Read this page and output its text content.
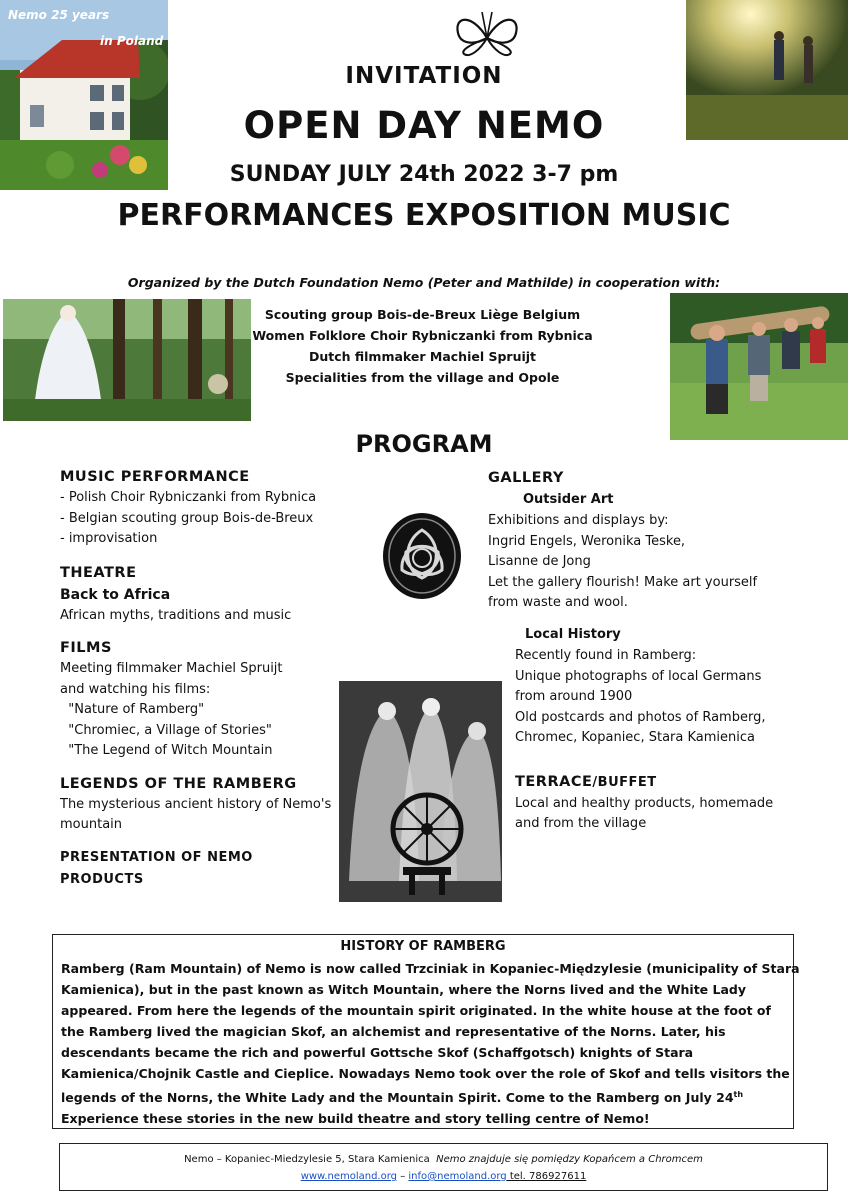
Nemo 25 years
in Poland
INVITATION
OPEN DAY NEMO
SUNDAY JULY 24th 2022 3-7 pm
PERFORMANCES EXPOSITION MUSIC
Organized by the Dutch Foundation Nemo (Peter and Mathilde) in cooperation with:
Scouting group Bois-de-Breux Liège Belgium
Women Folklore Choir Rybniczanki from Rybnica
Dutch filmmaker Machiel Spruijt
Specialities from the village and Opole
PROGRAM
MUSIC PERFORMANCE
- Polish Choir Rybniczanki from Rybnica
- Belgian scouting group Bois-de-Breux
- improvisation
THEATRE
Back to Africa
African myths, traditions and music
FILMS
Meeting filmmaker Machiel Spruijt
and watching his films:
"Nature of Ramberg"
"Chromiec, a Village of Stories"
"The Legend of Witch Mountain
LEGENDS OF THE RAMBERG
The mysterious ancient history of Nemo's
mountain
PRESENTATION OF NEMO
PRODUCTS
GALLERY
Outsider Art
Exhibitions and displays by:
Ingrid Engels, Weronika Teske,
Lisanne de Jong
Let the gallery flourish! Make art yourself
from waste and wool.
Local History
Recently found in Ramberg:
Unique photographs of local Germans
from around 1900
Old postcards and photos of Ramberg,
Chromec, Kopaniec, Stara Kamienica
TERRACE/BUFFET
Local and healthy products, homemade
and from the village
HISTORY OF RAMBERG
Ramberg (Ram Mountain) of Nemo is now called Trzciniak in Kopaniec-Międzylesie (municipality of Stara
Kamienica), but in the past known as Witch Mountain, where the Norns lived and the White Lady
appeared. From here the legends of the mountain spirit originated. In the white house at the foot of
the Ramberg lived the magician Skof, an alchemist and representative of the Norns. Later, his
descendants became the rich and powerful Gottsche Skof (Schaffgotsch) knights of Stara
Kamienica/Chojnik Castle and Cieplice. Nowadays Nemo took over the role of Skof and tells visitors the
legends of the Norns, the White Lady and the Mountain Spirit. Come to the Ramberg on July 24th
Experience these stories in the new build theatre and story telling centre of Nemo!
Nemo – Kopaniec-Miedzylesie 5, Stara Kamienica Nemo znajduje się pomiędzy Kopańcem a Chromcem
www.nemoland.org – info@nemoland.org tel. 786927611
